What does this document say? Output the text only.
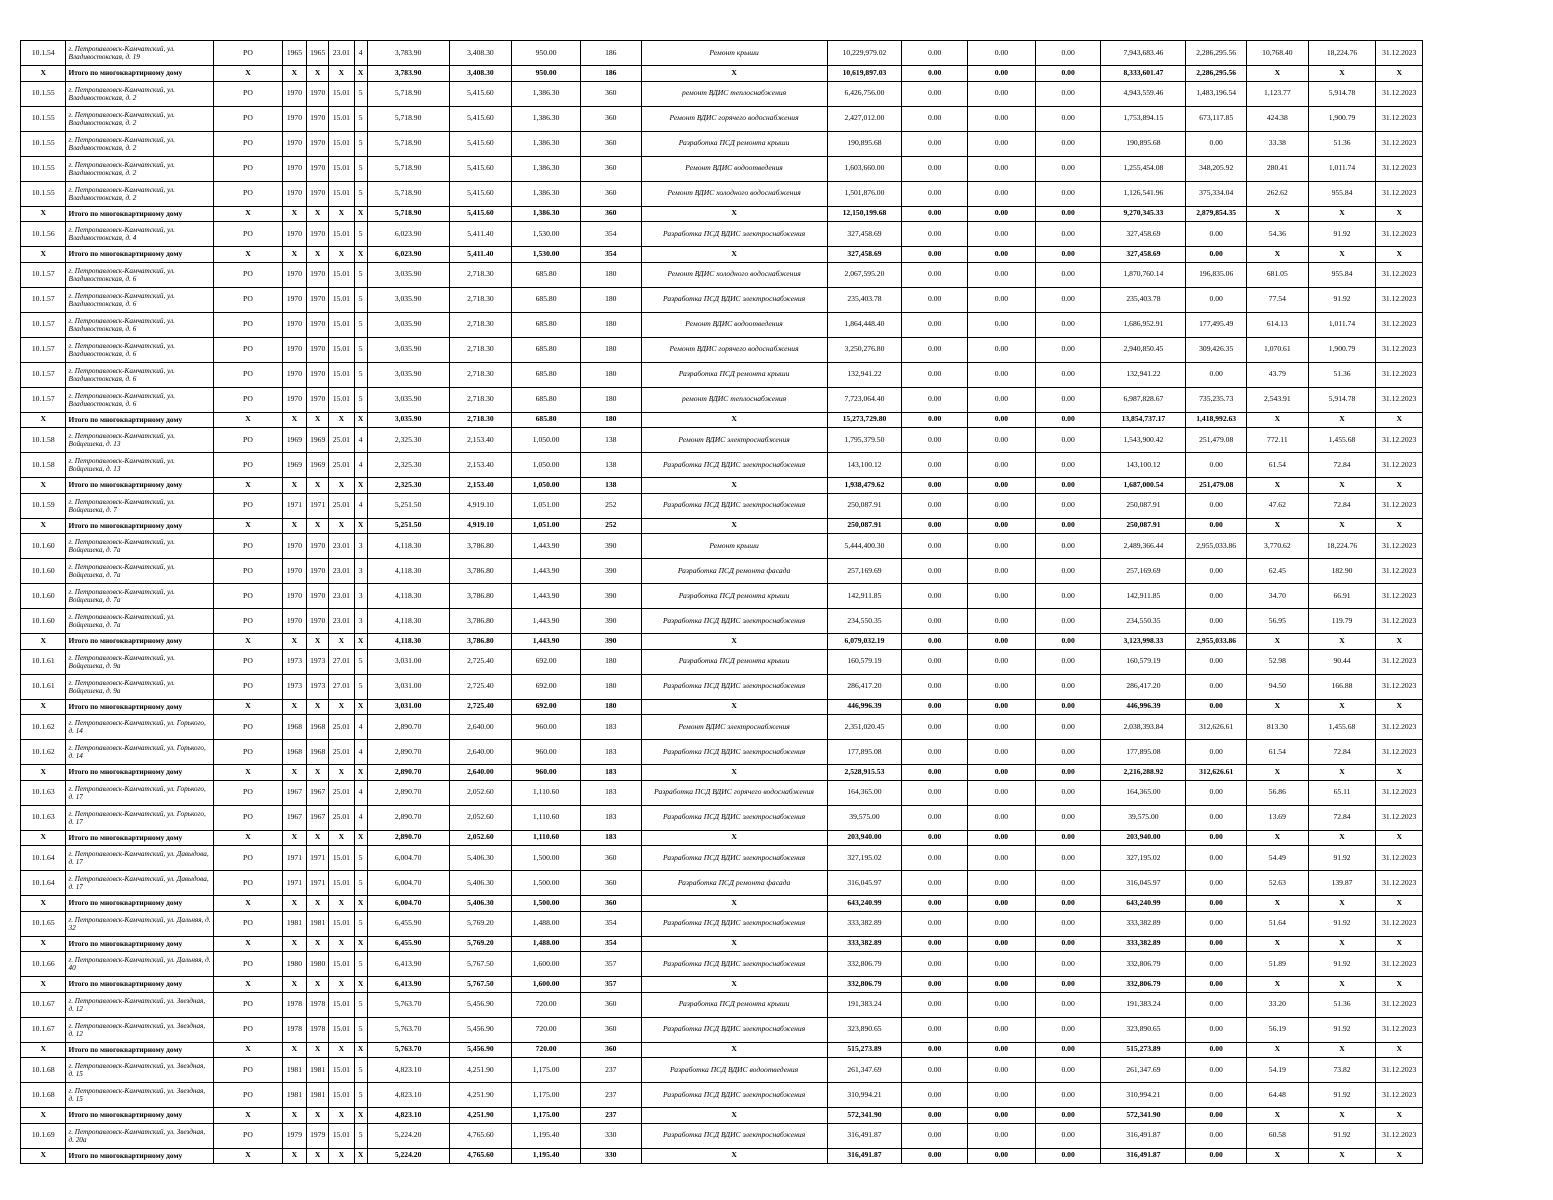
10.1.54	г. Петропавловск-Камчатский, ул. Владивостокская, д. 19	РО	1965	1965	23.01	4	3,783.90	3,408.30	950.00	186	Ремонт крыши	10,229,979.02	0.00	0.00	0.00	7,943,683.46	2,286,295.56	10,768.40	18,224.76	31.12.2023
X	Итого по многоквартирному дому	X	X	X	X	X	3,783.90	3,408.30	950.00	186	X	10,619,897.03	0.00	0.00	0.00	8,333,601.47	2,286,295.56	X	X	X
10.1.55	г. Петропавловск-Камчатский, ул. Владивостокская, д. 2	РО	1970	1970	15.01	5	5,718.90	5,415.60	1,386.30	360	ремонт ВДИС теплоснабжения	6,426,756.00	0.00	0.00	0.00	4,943,559.46	1,483,196.54	1,123.77	5,914.78	31.12.2023
10.1.55	г. Петропавловск-Камчатский, ул. Владивостокская, д. 2	РО	1970	1970	15.01	5	5,718.90	5,415.60	1,386.30	360	Ремонт ВДИС горячего водоснабжения	2,427,012.00	0.00	0.00	0.00	1,753,894.15	673,117.85	424.38	1,900.79	31.12.2023
10.1.55	г. Петропавловск-Камчатский, ул. Владивостокская, д. 2	РО	1970	1970	15.01	5	5,718.90	5,415.60	1,386.30	360	Разработка ПСД ремонта крыши	190,895.68	0.00	0.00	0.00	190,895.68	0.00	33.38	51.36	31.12.2023
10.1.55	г. Петропавловск-Камчатский, ул. Владивостокская, д. 2	РО	1970	1970	15.01	5	5,718.90	5,415.60	1,386.30	360	Ремонт ВДИС водоотведения	1,603,660.00	0.00	0.00	0.00	1,255,454.08	348,205.92	280.41	1,011.74	31.12.2023
10.1.55	г. Петропавловск-Камчатский, ул. Владивостокская, д. 2	РО	1970	1970	15.01	5	5,718.90	5,415.60	1,386.30	360	Ремонт ВДИС холодного водоснабжения	1,501,876.00	0.00	0.00	0.00	1,126,541.96	375,334.04	262.62	955.84	31.12.2023
X	Итого по многоквартирному дому	X	X	X	X	X	5,718.90	5,415.60	1,386.30	360	X	12,150,199.68	0.00	0.00	0.00	9,270,345.33	2,879,854.35	X	X	X
10.1.56	г. Петропавловск-Камчатский, ул. Владивостокская, д. 4	РО	1970	1970	15.01	5	6,023.90	5,411.40	1,530.00	354	Разработка ПСД ВДИС электроснабжения	327,458.69	0.00	0.00	0.00	327,458.69	0.00	54.36	91.92	31.12.2023
X	Итого по многоквартирному дому	X	X	X	X	X	6,023.90	5,411.40	1,530.00	354	X	327,458.69	0.00	0.00	0.00	327,458.69	0.00	X	X	X
10.1.57	г. Петропавловск-Камчатский, ул. Владивостокская, д. 6	РО	1970	1970	15.01	5	3,035.90	2,718.30	685.80	180	Ремонт ВДИС холодного водоснабжения	2,067,595.20	0.00	0.00	0.00	1,870,760.14	196,835.06	681.05	955.84	31.12.2023
10.1.57	г. Петропавловск-Камчатский, ул. Владивостокская, д. 6	РО	1970	1970	15.01	5	3,035.90	2,718.30	685.80	180	Разработка ПСД ВДИС электроснабжения	235,403.78	0.00	0.00	0.00	235,403.78	0.00	77.54	91.92	31.12.2023
10.1.57	г. Петропавловск-Камчатский, ул. Владивостокская, д. 6	РО	1970	1970	15.01	5	3,035.90	2,718.30	685.80	180	Ремонт ВДИС водоотведения	1,864,448.40	0.00	0.00	0.00	1,686,952.91	177,495.49	614.13	1,011.74	31.12.2023
10.1.57	г. Петропавловск-Камчатский, ул. Владивостокская, д. 6	РО	1970	1970	15.01	5	3,035.90	2,718.30	685.80	180	Ремонт ВДИС горячего водоснабжения	3,250,276.80	0.00	0.00	0.00	2,940,850.45	309,426.35	1,070.61	1,900.79	31.12.2023
10.1.57	г. Петропавловск-Камчатский, ул. Владивостокская, д. 6	РО	1970	1970	15.01	5	3,035.90	2,718.30	685.80	180	Разработка ПСД ремонта крыши	132,941.22	0.00	0.00	0.00	132,941.22	0.00	43.79	51.36	31.12.2023
10.1.57	г. Петропавловск-Камчатский, ул. Владивостокская, д. 6	РО	1970	1970	15.01	5	3,035.90	2,718.30	685.80	180	ремонт ВДИС теплоснабжения	7,723,064.40	0.00	0.00	0.00	6,987,828.67	735,235.73	2,543.91	5,914.78	31.12.2023
X	Итого по многоквартирному дому	X	X	X	X	X	3,035.90	2,718.30	685.80	180	X	15,273,729.80	0.00	0.00	0.00	13,854,737.17	1,418,992.63	X	X	X
10.1.58	г. Петропавловск-Камчатский, ул. Войцешека, д. 13	РО	1969	1969	25.01	4	2,325.30	2,153.40	1,050.00	138	Ремонт ВДИС электроснабжения	1,795,379.50	0.00	0.00	0.00	1,543,900.42	251,479.08	772.11	1,455.68	31.12.2023
10.1.58	г. Петропавловск-Камчатский, ул. Войцешека, д. 13	РО	1969	1969	25.01	4	2,325.30	2,153.40	1,050.00	138	Разработка ПСД ВДИС электроснабжения	143,100.12	0.00	0.00	0.00	143,100.12	0.00	61.54	72.84	31.12.2023
X	Итого по многоквартирному дому	X	X	X	X	X	2,325.30	2,153.40	1,050.00	138	X	1,938,479.62	0.00	0.00	0.00	1,687,000.54	251,479.08	X	X	X
10.1.59	г. Петропавловск-Камчатский, ул. Войцешека, д. 7	РО	1971	1971	25.01	4	5,251.50	4,919.10	1,051.00	252	Разработка ПСД ВДИС электроснабжения	250,087.91	0.00	0.00	0.00	250,087.91	0.00	47.62	72.84	31.12.2023
X	Итого по многоквартирному дому	X	X	X	X	X	5,251.50	4,919.10	1,051.00	252	X	250,087.91	0.00	0.00	0.00	250,087.91	0.00	X	X	X
10.1.60	г. Петропавловск-Камчатский, ул. Войцешека, д. 7а	РО	1970	1970	23.01	3	4,118.30	3,786.80	1,443.90	390	Ремонт крыши	5,444,400.30	0.00	0.00	0.00	2,489,366.44	2,955,033.86	3,770.62	18,224.76	31.12.2023
10.1.60	г. Петропавловск-Камчатский, ул. Войцешека, д. 7а	РО	1970	1970	23.01	3	4,118.30	3,786.80	1,443.90	390	Разработка ПСД ремонта фасада	257,169.69	0.00	0.00	0.00	257,169.69	0.00	62.45	182.90	31.12.2023
10.1.60	г. Петропавловск-Камчатский, ул. Войцешека, д. 7а	РО	1970	1970	23.01	3	4,118.30	3,786.80	1,443.90	390	Разработка ПСД ремонта крыши	142,911.85	0.00	0.00	0.00	142,911.85	0.00	34.70	66.91	31.12.2023
10.1.60	г. Петропавловск-Камчатский, ул. Войцешека, д. 7а	РО	1970	1970	23.01	3	4,118.30	3,786.80	1,443.90	390	Разработка ПСД ВДИС электроснабжения	234,550.35	0.00	0.00	0.00	234,550.35	0.00	56.95	119.79	31.12.2023
X	Итого по многоквартирному дому	X	X	X	X	X	4,118.30	3,786.80	1,443.90	390	X	6,079,032.19	0.00	0.00	0.00	3,123,998.33	2,955,033.86	X	X	X
10.1.61	г. Петропавловск-Камчатский, ул. Войцешека, д. 9а	РО	1973	1973	27.01	5	3,031.00	2,725.40	692.00	180	Разработка ПСД ремонта крыши	160,579.19	0.00	0.00	0.00	160,579.19	0.00	52.98	90.44	31.12.2023
10.1.61	г. Петропавловск-Камчатский, ул. Войцешека, д. 9а	РО	1973	1973	27.01	5	3,031.00	2,725.40	692.00	180	Разработка ПСД ВДИС электроснабжения	286,417.20	0.00	0.00	0.00	286,417.20	0.00	94.50	166.88	31.12.2023
X	Итого по многоквартирному дому	X	X	X	X	X	3,031.00	2,725.40	692.00	180	X	446,996.39	0.00	0.00	0.00	446,996.39	0.00	X	X	X
10.1.62	г. Петропавловск-Камчатский, ул. Горького, д. 14	РО	1968	1968	25.01	4	2,890.70	2,640.00	960.00	183	Ремонт ВДИС электроснабжения	2,351,020.45	0.00	0.00	0.00	2,038,393.84	312,626.61	813.30	1,455.68	31.12.2023
10.1.62	г. Петропавловск-Камчатский, ул. Горького, д. 14	РО	1968	1968	25.01	4	2,890.70	2,640.00	960.00	183	Разработка ПСД ВДИС электроснабжения	177,895.08	0.00	0.00	0.00	177,895.08	0.00	61.54	72.84	31.12.2023
X	Итого по многоквартирному дому	X	X	X	X	X	2,890.70	2,640.00	960.00	183	X	2,528,915.53	0.00	0.00	0.00	2,216,288.92	312,626.61	X	X	X
10.1.63	г. Петропавловск-Камчатский, ул. Горького, д. 17	РО	1967	1967	25.01	4	2,890.70	2,052.60	1,110.60	183	Разработка ПСД ВДИС горячего водоснабжения	164,365.00	0.00	0.00	0.00	164,365.00	0.00	56.86	65.11	31.12.2023
10.1.63	г. Петропавловск-Камчатский, ул. Горького, д. 17	РО	1967	1967	25.01	4	2,890.70	2,052.60	1,110.60	183	Разработка ПСД ВДИС электроснабжения	39,575.00	0.00	0.00	0.00	39,575.00	0.00	13.69	72.84	31.12.2023
X	Итого по многоквартирному дому	X	X	X	X	X	2,890.70	2,052.60	1,110.60	183	X	203,940.00	0.00	0.00	0.00	203,940.00	0.00	X	X	X
10.1.64	г. Петропавловск-Камчатский, ул. Давыдова, д. 17	РО	1971	1971	15.01	5	6,004.70	5,406.30	1,500.00	360	Разработка ПСД ВДИС электроснабжения	327,195.02	0.00	0.00	0.00	327,195.02	0.00	54.49	91.92	31.12.2023
10.1.64	г. Петропавловск-Камчатский, ул. Давыдова, д. 17	РО	1971	1971	15.01	5	6,004.70	5,406.30	1,500.00	360	Разработка ПСД ремонта фасада	316,045.97	0.00	0.00	0.00	316,045.97	0.00	52.63	139.87	31.12.2023
X	Итого по многоквартирному дому	X	X	X	X	X	6,004.70	5,406.30	1,500.00	360	X	643,240.99	0.00	0.00	0.00	643,240.99	0.00	X	X	X
10.1.65	г. Петропавловск-Камчатский, ул. Дальняя, д. 32	РО	1981	1981	15.01	5	6,455.90	5,769.20	1,488.00	354	Разработка ПСД ВДИС электроснабжения	333,382.89	0.00	0.00	0.00	333,382.89	0.00	51.64	91.92	31.12.2023
X	Итого по многоквартирному дому	X	X	X	X	X	6,455.90	5,769.20	1,488.00	354	X	333,382.89	0.00	0.00	0.00	333,382.89	0.00	X	X	X
10.1.66	г. Петропавловск-Камчатский, ул. Дальняя, д. 40	РО	1980	1980	15.01	5	6,413.90	5,767.50	1,600.00	357	Разработка ПСД ВДИС электроснабжения	332,806.79	0.00	0.00	0.00	332,806.79	0.00	51.89	91.92	31.12.2023
X	Итого по многоквартирному дому	X	X	X	X	X	6,413.90	5,767.50	1,600.00	357	X	332,806.79	0.00	0.00	0.00	332,806.79	0.00	X	X	X
10.1.67	г. Петропавловск-Камчатский, ул. Звездная, д. 12	РО	1978	1978	15.01	5	5,763.70	5,456.90	720.00	360	Разработка ПСД ремонта крыши	191,383.24	0.00	0.00	0.00	191,383.24	0.00	33.20	51.36	31.12.2023
10.1.67	г. Петропавловск-Камчатский, ул. Звездная, д. 12	РО	1978	1978	15.01	5	5,763.70	5,456.90	720.00	360	Разработка ПСД ВДИС электроснабжения	323,890.65	0.00	0.00	0.00	323,890.65	0.00	56.19	91.92	31.12.2023
X	Итого по многоквартирному дому	X	X	X	X	X	5,763.70	5,456.90	720.00	360	X	515,273.89	0.00	0.00	0.00	515,273.89	0.00	X	X	X
10.1.68	г. Петропавловск-Камчатский, ул. Звездная, д. 15	РО	1981	1981	15.01	5	4,823.10	4,251.90	1,175.00	237	Разработка ПСД ВДИС водоотведения	261,347.69	0.00	0.00	0.00	261,347.69	0.00	54.19	73.82	31.12.2023
10.1.68	г. Петропавловск-Камчатский, ул. Звездная, д. 15	РО	1981	1981	15.01	5	4,823.10	4,251.90	1,175.00	237	Разработка ПСД ВДИС электроснабжения	310,994.21	0.00	0.00	0.00	310,994.21	0.00	64.48	91.92	31.12.2023
X	Итого по многоквартирному дому	X	X	X	X	X	4,823.10	4,251.90	1,175.00	237	X	572,341.90	0.00	0.00	0.00	572,341.90	0.00	X	X	X
10.1.69	г. Петропавловск-Камчатский, ул. Звездная, д. 20а	РО	1979	1979	15.01	5	5,224.20	4,765.60	1,195.40	330	Разработка ПСД ВДИС электроснабжения	316,491.87	0.00	0.00	0.00	316,491.87	0.00	60.58	91.92	31.12.2023
X	Итого по многоквартирному дому	X	X	X	X	X	5,224.20	4,765.60	1,195.40	330	X	316,491.87	0.00	0.00	0.00	316,491.87	0.00	X	X	X
